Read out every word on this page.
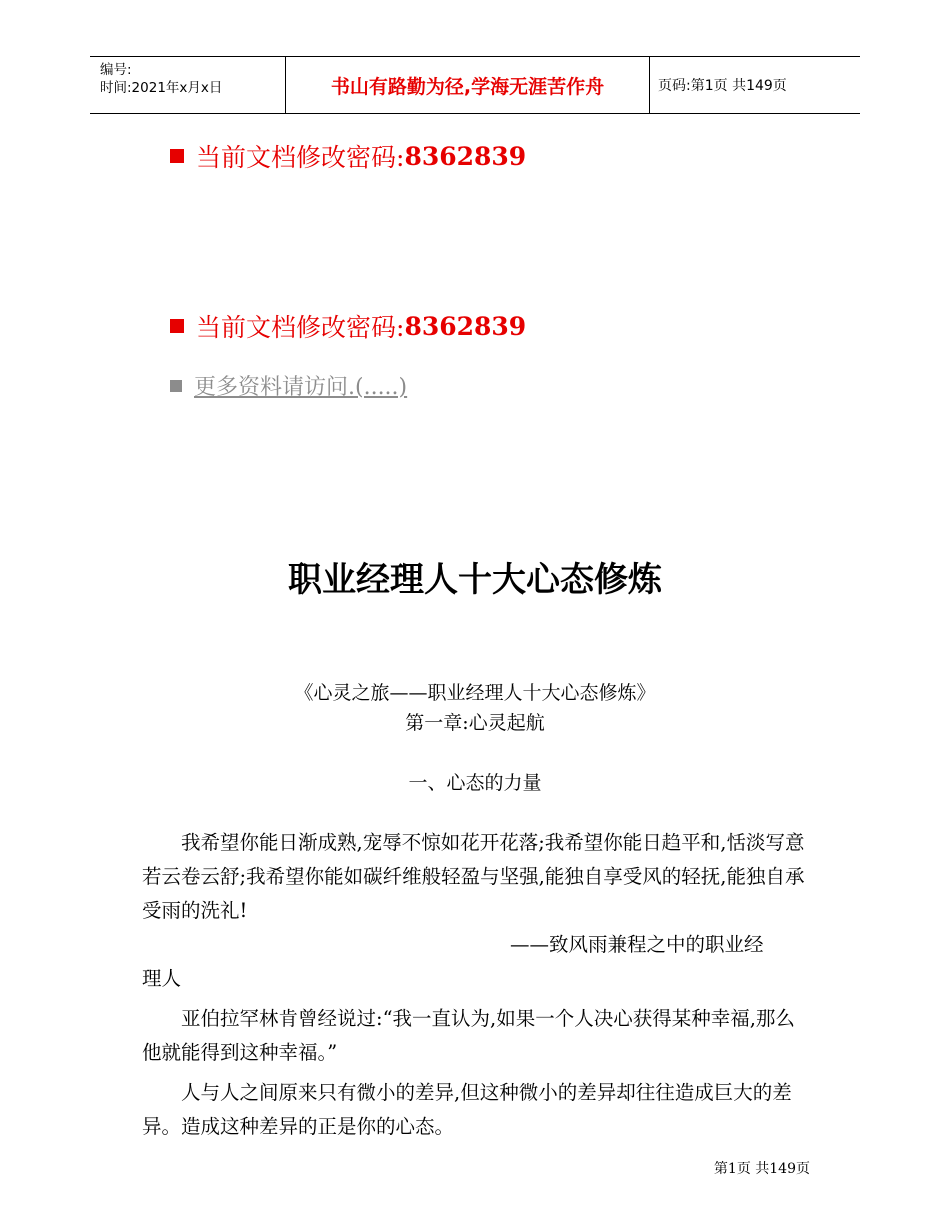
编号:
时间:2021年x月x日	书山有路勤为径,学海无涯苦作舟	页码:第1页 共149页
当前文档修改密码: 8362839
当前文档修改密码: 8362839
更多资料请访问.(.....)
职业经理人十大心态修炼
《心灵之旅——职业经理人十大心态修炼》
第一章:心灵起航
一、心态的力量

我希望你能日渐成熟,宠辱不惊如花开花落;我希望你能日趋平和,恬淡写意若云卷云舒;我希望你能如碳纤维般轻盈与坚强,能独自享受风的轻抚,能独自承受雨的洗礼!

——致风雨兼程之中的职业经
理人

亚伯拉罕林肯曾经说过:“我一直认为,如果一个人决心获得某种幸福,那么他就能得到这种幸福。”

人与人之间原来只有微小的差异,但这种微小的差异却往往造成巨大的差异。造成这种差异的正是你的心态。

第1页 共149页
